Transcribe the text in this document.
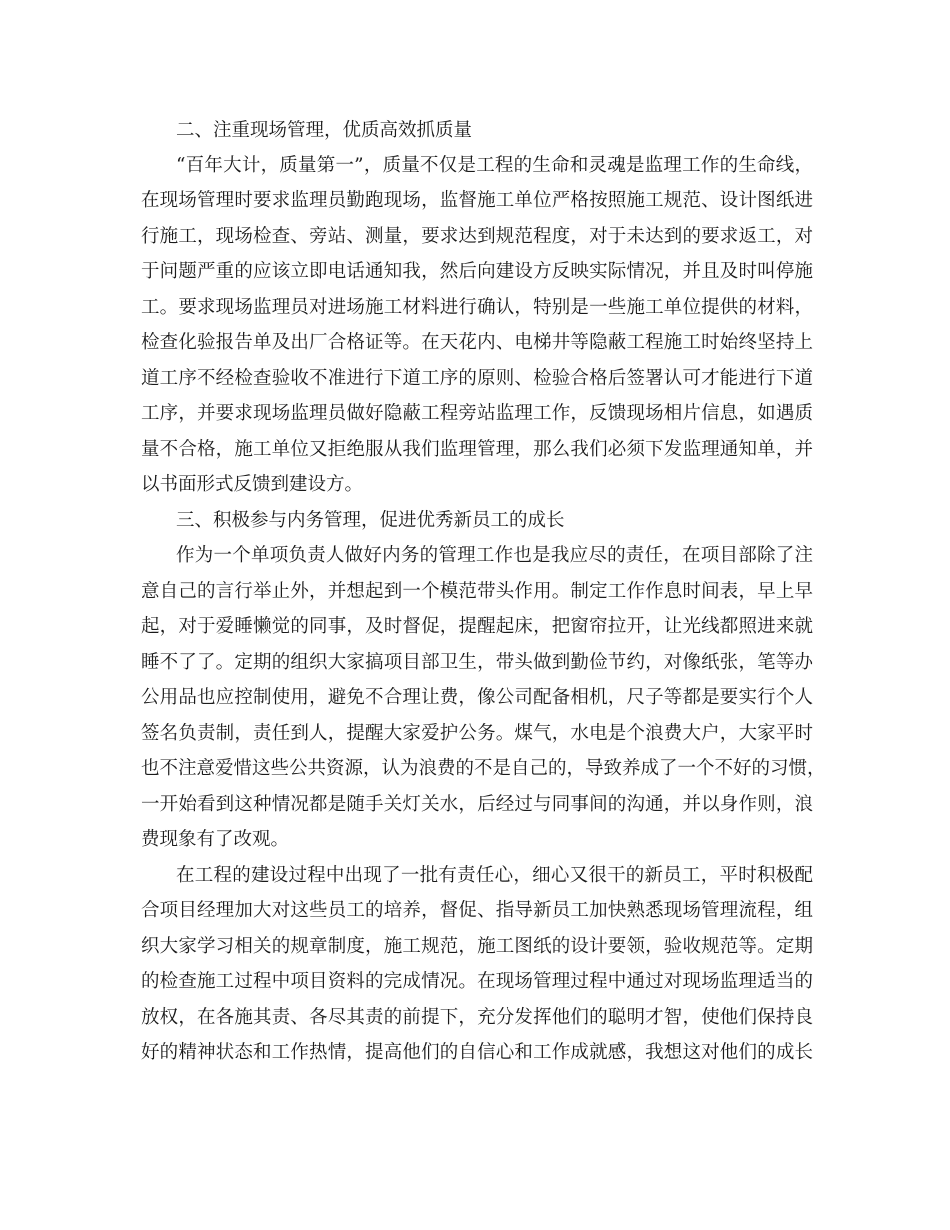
二、注重现场管理，优质高效抓质量
“百年大计，质量第一”，质量不仅是工程的生命和灵魂是监理工作的生命线，
在现场管理时要求监理员勤跑现场，监督施工单位严格按照施工规范、设计图纸进
行施工，现场检查、旁站、测量，要求达到规范程度，对于未达到的要求返工，对
于问题严重的应该立即电话通知我，然后向建设方反映实际情况，并且及时叫停施
工。要求现场监理员对进场施工材料进行确认，特别是一些施工单位提供的材料，
检查化验报告单及出厂合格证等。在天花内、电梯井等隐蔽工程施工时始终坚持上
道工序不经检查验收不准进行下道工序的原则、检验合格后签署认可才能进行下道
工序，并要求现场监理员做好隐蔽工程旁站监理工作，反馈现场相片信息，如遇质
量不合格，施工单位又拒绝服从我们监理管理，那么我们必须下发监理通知单，并
以书面形式反馈到建设方。
三、积极参与内务管理，促进优秀新员工的成长
作为一个单项负责人做好内务的管理工作也是我应尽的责任，在项目部除了注
意自己的言行举止外，并想起到一个模范带头作用。制定工作作息时间表，早上早
起，对于爱睡懒觉的同事，及时督促，提醒起床，把窗帘拉开，让光线都照进来就
睡不了了。定期的组织大家搞项目部卫生，带头做到勤俭节约，对像纸张，笔等办
公用品也应控制使用，避免不合理让费，像公司配备相机，尺子等都是要实行个人
签名负责制，责任到人，提醒大家爱护公务。煤气，水电是个浪费大户，大家平时
也不注意爱惜这些公共资源，认为浪费的不是自己的，导致养成了一个不好的习惯，
一开始看到这种情况都是随手关灯关水，后经过与同事间的沟通，并以身作则，浪
费现象有了改观。
在工程的建设过程中出现了一批有责任心，细心又很干的新员工，平时积极配
合项目经理加大对这些员工的培养，督促、指导新员工加快熟悉现场管理流程，组
织大家学习相关的规章制度，施工规范，施工图纸的设计要领，验收规范等。定期
的检查施工过程中项目资料的完成情况。在现场管理过程中通过对现场监理适当的
放权，在各施其责、各尽其责的前提下，充分发挥他们的聪明才智，使他们保持良
好的精神状态和工作热情，提高他们的自信心和工作成就感，我想这对他们的成长
